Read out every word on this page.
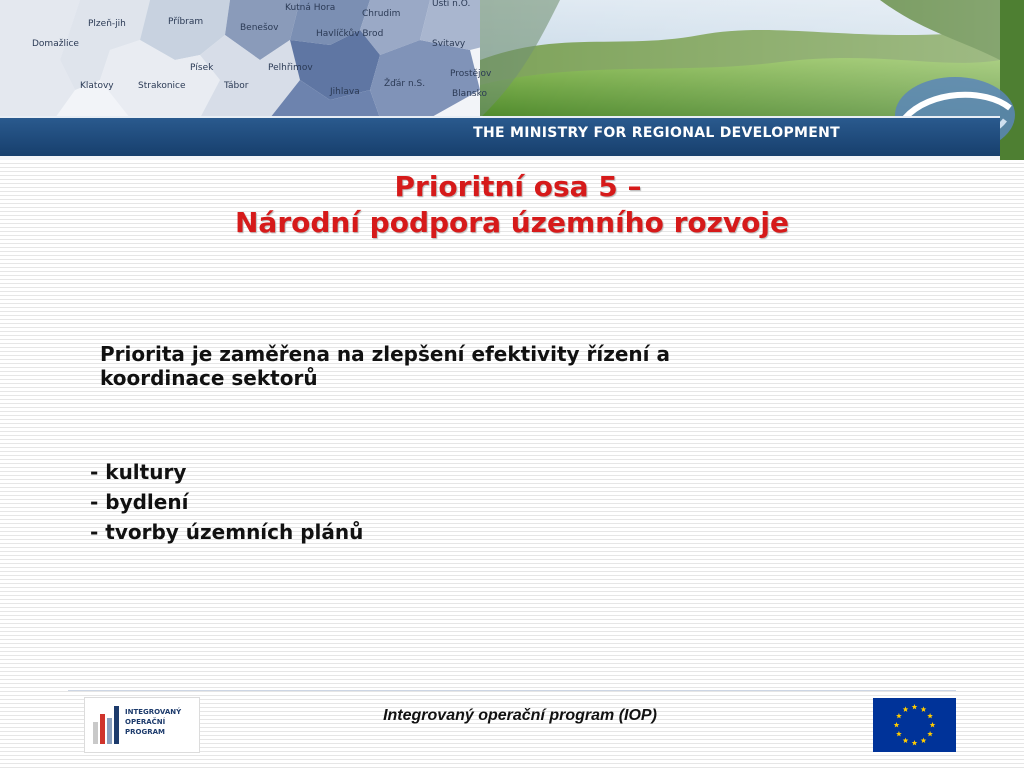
Plzeň-jih	Příbram
Kutná Hora
Chrudim
Ústí n.O.
Domažlice
Benešov
Havlíčkův Brod
Svitavy
Klatovy
Písek	Pelhřimov
Strakonice	Tábor	Žďár n.S.
Jihlava
Prostějov
Blansko
THE MINISTRY FOR REGIONAL DEVELOPMENT
Prioritní osa 5 –
Národní podpora územního rozvoje
Priorita je zaměřena na zlepšení efektivity řízení a
koordinace sektorů
- kultury
- bydlení
- tvorby územních plánů
INTEGROVANÝ
OPERAČNÍ
PROGRAM
Integrovaný operační program (IOP)
